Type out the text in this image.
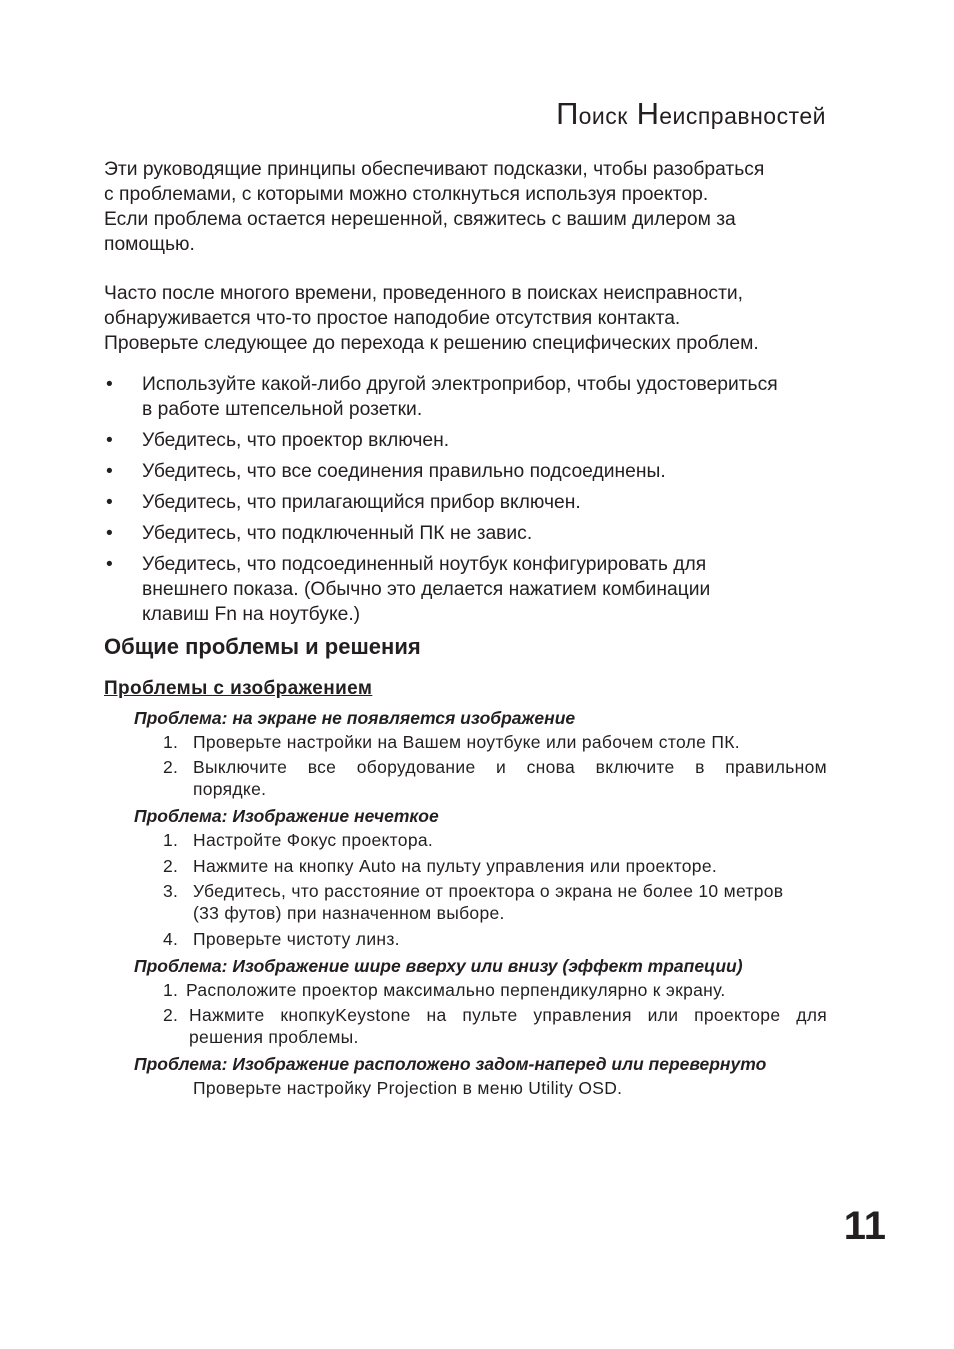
Поиск Неисправностей

Эти руководящие принципы обеспечивают подсказки, чтобы разобраться
с проблемами, с которыми можно столкнуться используя проектор.
Если проблема остается нерешенной, свяжитесь с вашим дилером за
помощью.

Часто после многого времени, проведенного в поисках неисправности,
обнаруживается что-то простое наподобие отсутствия контакта.
Проверьте следующее до перехода к решению специфических проблем.

• Используйте какой-либо другой электроприбор, чтобы удостовериться
в работе штепсельной розетки.
• Убедитесь, что проектор включен.
• Убедитесь, что все соединения правильно подсоединены.
• Убедитесь, что прилагающийся прибор включен.
• Убедитесь, что подключенный ПК не завис.
• Убедитесь, что подсоединенный ноутбук конфигурировать для
внешнего показа. (Обычно это делается нажатием комбинации
клавиш Fn на ноутбуке.)
Общие проблемы и решения
Проблемы с изображением

Проблема: на экране не появляется изображение

1. Проверьте настройки на Вашем ноутбуке или рабочем столе ПК.
2. Выключите все оборудование и снова включите в правильном
порядке.

Проблема: Изображение нечеткое

1. Настройте Фокус проектора.
2. Нажмите на кнопку Auto на пульту управления или проекторе.
3. Убедитесь, что расстояние от проектора о экрана не более 10 метров
(33 футов) при назначенном выборе.
4. Проверьте чистоту линз.

Проблема: Изображение шире вверху или внизу (эффект трапеции)

1. Расположите проектор максимально перпендикулярно к экрану.
2. Нажмите кнопкуKeystone на пульте управления или проекторе для
решения проблемы.

Проблема: Изображение расположено задом-наперед или перевернуто

Проверьте настройку Projection в меню Utility OSD.

11
